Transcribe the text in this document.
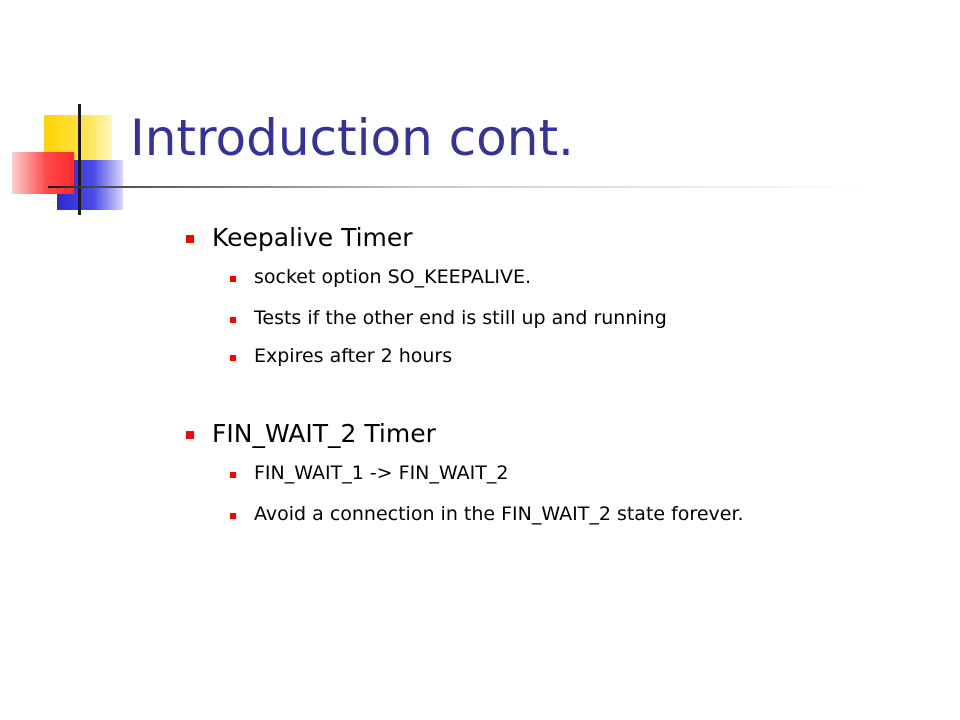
Introduction cont.
Keepalive Timer
socket option SO_KEEPALIVE.
Tests if the other end is still up and running
Expires after 2 hours
FIN_WAIT_2 Timer
FIN_WAIT_1 -> FIN_WAIT_2
Avoid a connection in the FIN_WAIT_2 state forever.
